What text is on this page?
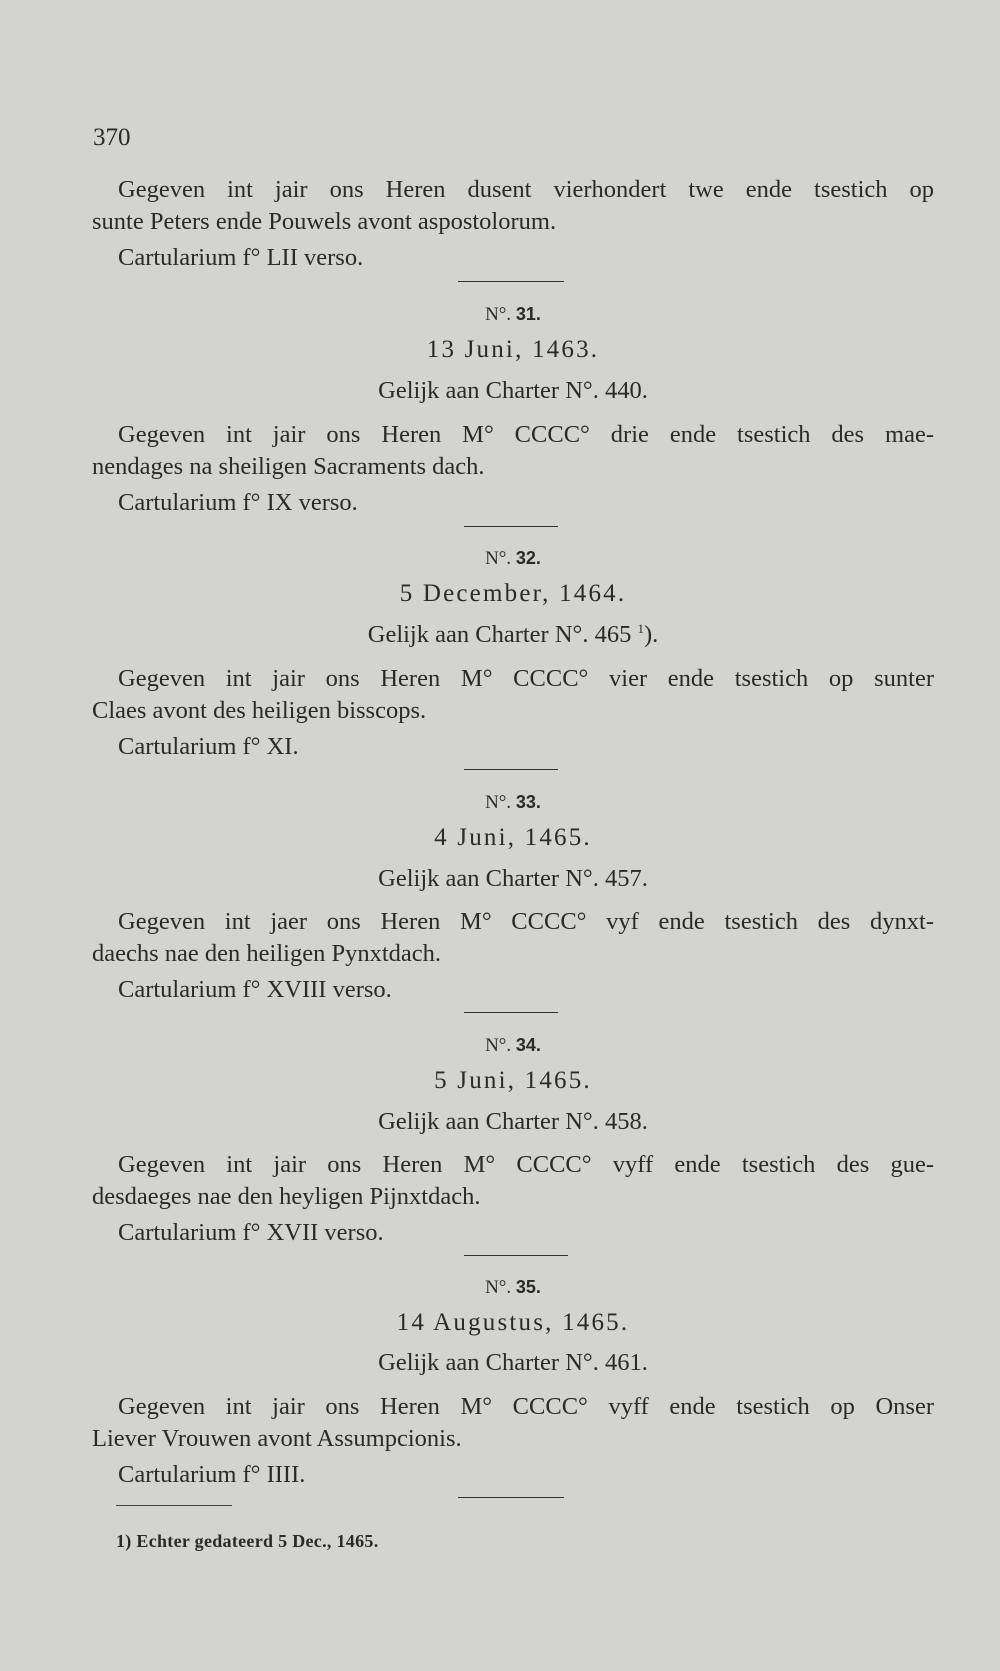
370
Gegeven int jair ons Heren dusent vierhondert twe ende tsestich op
sunte Peters ende Pouwels avont aspostolorum.
Cartularium f° LII verso.
N°. 31.
13 Juni, 1463.
Gelijk aan Charter N°. 440.
Gegeven int jair ons Heren M° CCCC° drie ende tsestich des mae-
nendages na sheiligen Sacraments dach.
Cartularium f° IX verso.
N°. 32.
5 December, 1464.
Gelijk aan Charter N°. 465 $^1$).
Gegeven int jair ons Heren M° CCCC° vier ende tsestich op sunter
Claes avont des heiligen bisscops.
Cartularium f° XI.
N°. 33.
4 Juni, 1465.
Gelijk aan Charter N°. 457.
Gegeven int jaer ons Heren M° CCCC° vyf ende tsestich des dynxt-
daechs nae den heiligen Pynxtdach.
Cartularium f° XVIII verso.
N°. 34.
5 Juni, 1465.
Gelijk aan Charter N°. 458.
Gegeven int jair ons Heren M° CCCC° vyff ende tsestich des gue-
desdaeges nae den heyligen Pijnxtdach.
Cartularium f° XVII verso.
N°. 35.
14 Augustus, 1465.
Gelijk aan Charter N°. 461.
Gegeven int jair ons Heren M° CCCC° vyff ende tsestich op Onser
Liever Vrouwen avont Assumpcionis.
Cartularium f° IIII.
1) Echter gedateerd 5 Dec., 1465.
